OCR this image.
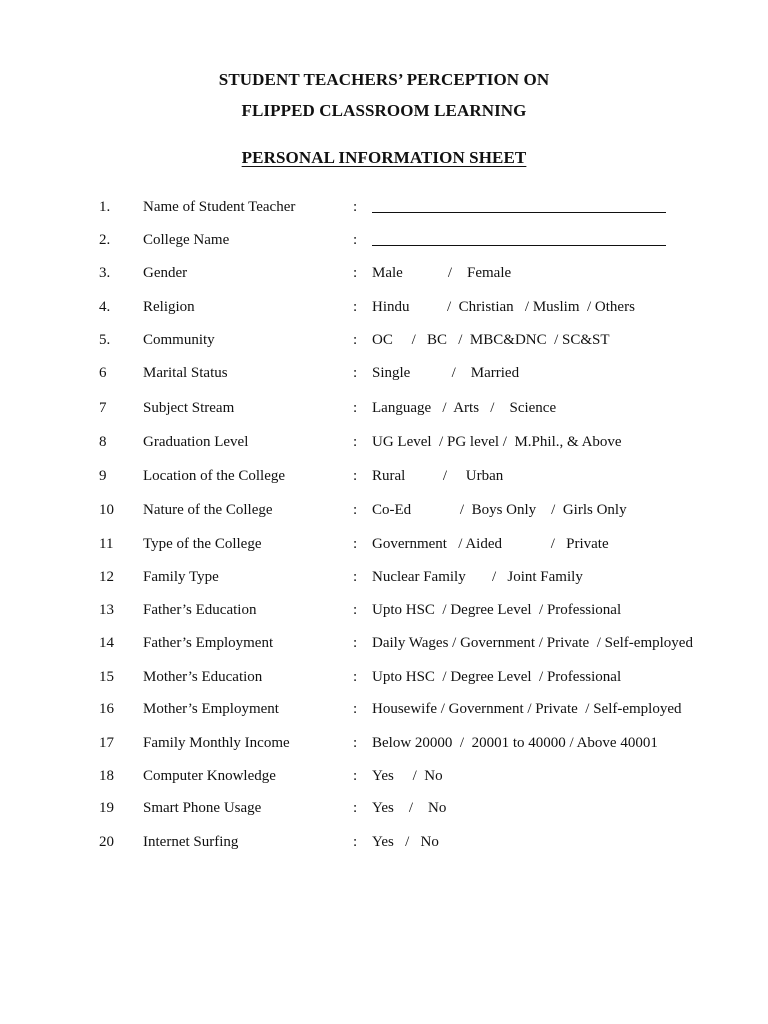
STUDENT TEACHERS’ PERCEPTION ON
FLIPPED CLASSROOM LEARNING
PERSONAL INFORMATION SHEET
1. Name of Student Teacher	:
2. College Name	:
3. Gender	: Male            /    Female
4. Religion	: Hindu          /  Christian   / Muslim  / Others
5. Community	: OC     /   BC   /  MBC&DNC  / SC&ST
6 Marital Status	: Single           /    Married
7 Subject Stream	: Language   /  Arts   /    Science
8 Graduation Level	: UG Level  / PG level /  M.Phil., & Above
9 Location of the College	: Rural          /     Urban
10 Nature of the College	: Co-Ed             /  Boys Only    /  Girls Only
11 Type of the College	: Government   / Aided             /   Private
12 Family Type	: Nuclear Family       /   Joint Family
13 Father’s Education	: Upto HSC  / Degree Level  / Professional
14 Father’s Employment	: Daily Wages / Government / Private  / Self-employed
15 Mother’s Education	: Upto HSC  / Degree Level  / Professional
16 Mother’s Employment	: Housewife / Government / Private  / Self-employed
17 Family Monthly Income	: Below 20000  /  20001 to 40000 / Above 40001
18 Computer Knowledge	: Yes     /  No
19 Smart Phone Usage	: Yes    /    No
20 Internet Surfing	: Yes   /   No
